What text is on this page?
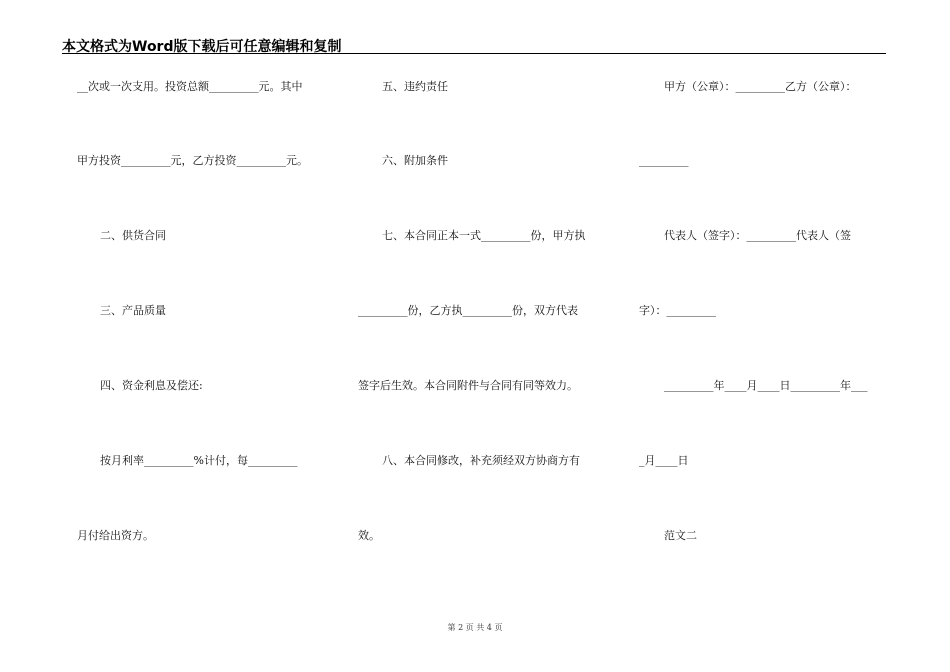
本文格式为Word版下载后可任意编辑和复制
__次或一次支用。投资总额_________元。其中
甲方投资_________元，乙方投资_________元。
二、供货合同
三、产品质量
四、资金利息及偿还:
按月利率_________%计付，每_________
月付给出资方。
五、违约责任
六、附加条件
七、本合同正本一式_________份，甲方执
_________份，乙方执_________份，双方代表
签字后生效。本合同附件与合同有同等效力。
八、本合同修改，补充须经双方协商方有
效。
甲方（公章）：_________乙方（公章）：
_________
代表人（签字）：_________代表人（签
字）：_________
_________年____月____日_________年___
_月____日
范文二
第 2 页 共 4 页
